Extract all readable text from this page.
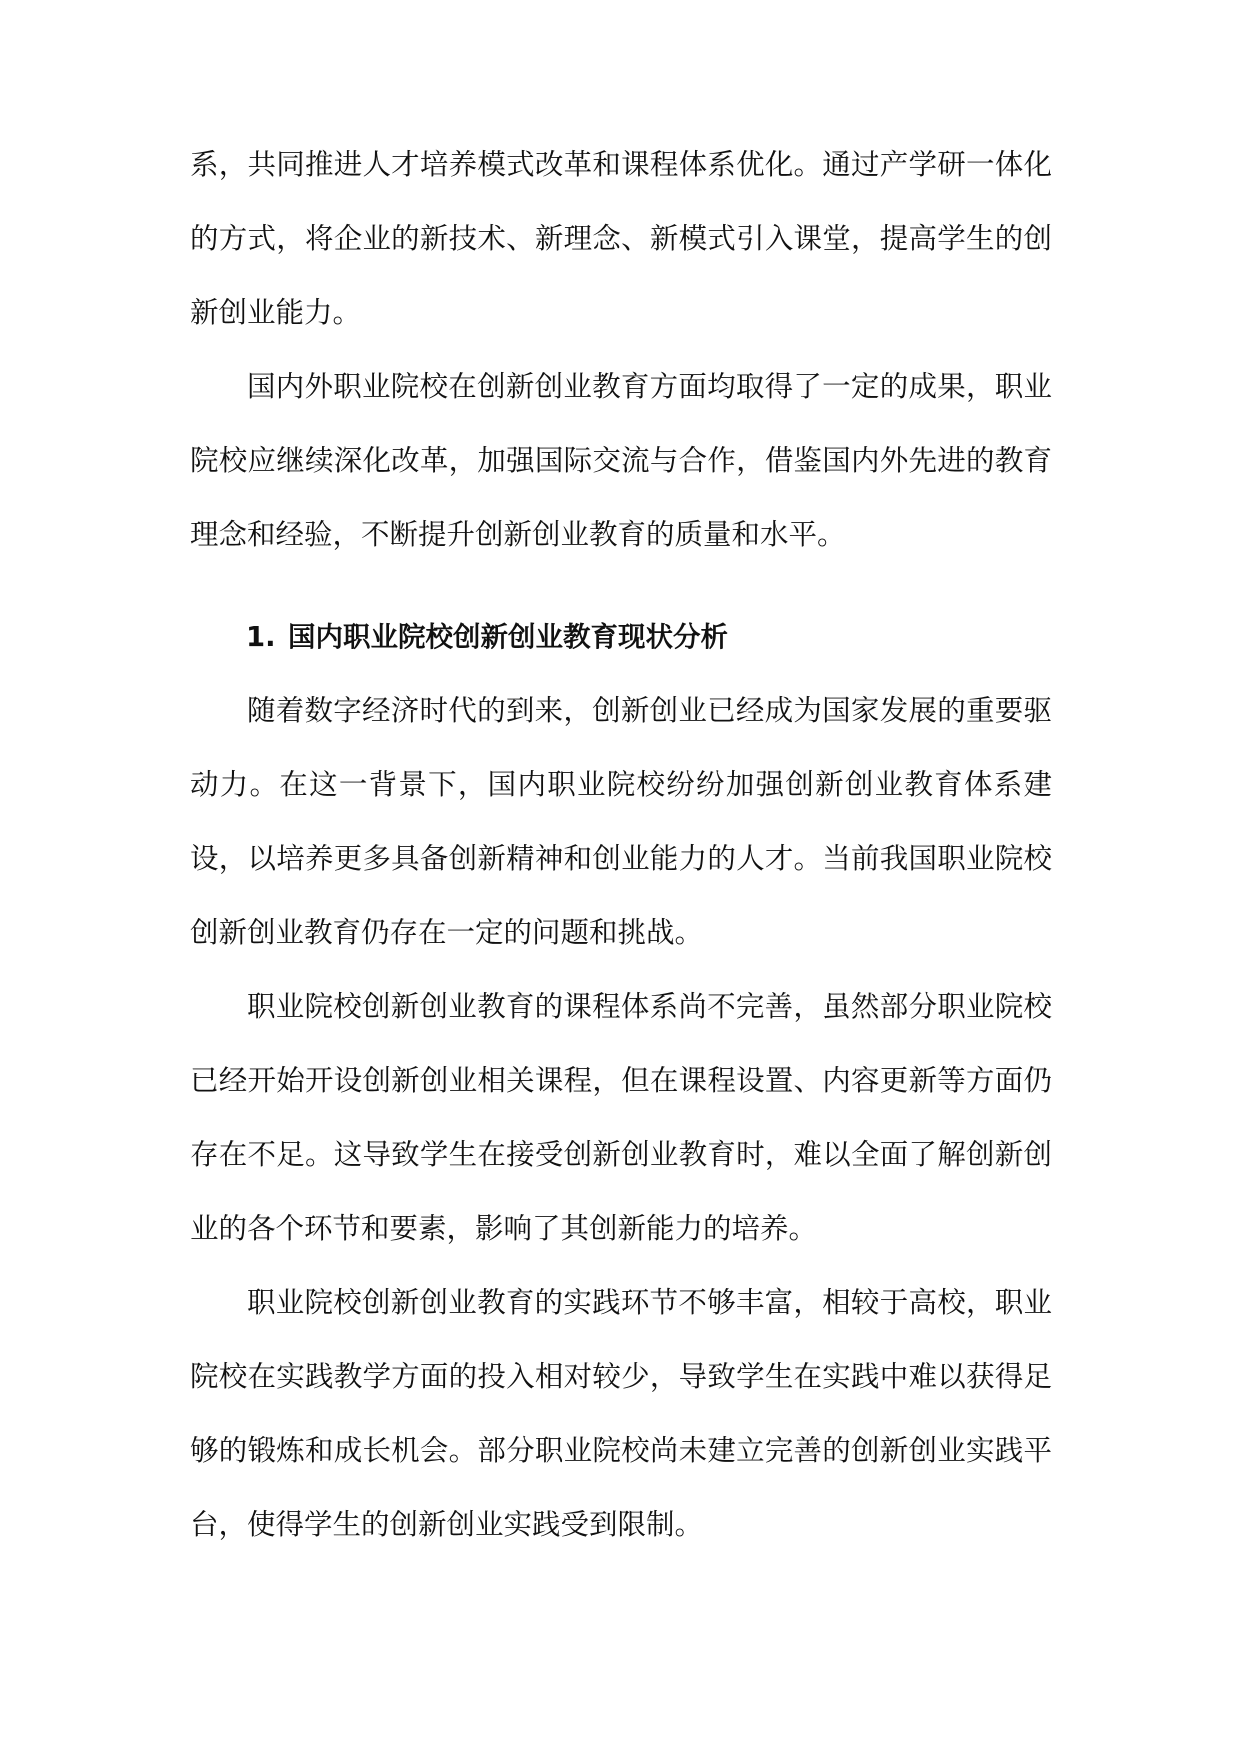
系，共同推进人才培养模式改革和课程体系优化。通过产学研一体化的方式，将企业的新技术、新理念、新模式引入课堂，提高学生的创新创业能力。

国内外职业院校在创新创业教育方面均取得了一定的成果，职业院校应继续深化改革，加强国际交流与合作，借鉴国内外先进的教育理念和经验，不断提升创新创业教育的质量和水平。

1. 国内职业院校创新创业教育现状分析

随着数字经济时代的到来，创新创业已经成为国家发展的重要驱动力。在这一背景下，国内职业院校纷纷加强创新创业教育体系建设，以培养更多具备创新精神和创业能力的人才。当前我国职业院校创新创业教育仍存在一定的问题和挑战。

职业院校创新创业教育的课程体系尚不完善，虽然部分职业院校已经开始开设创新创业相关课程，但在课程设置、内容更新等方面仍存在不足。这导致学生在接受创新创业教育时，难以全面了解创新创业的各个环节和要素，影响了其创新能力的培养。

职业院校创新创业教育的实践环节不够丰富，相较于高校，职业院校在实践教学方面的投入相对较少，导致学生在实践中难以获得足够的锻炼和成长机会。部分职业院校尚未建立完善的创新创业实践平台，使得学生的创新创业实践受到限制。
